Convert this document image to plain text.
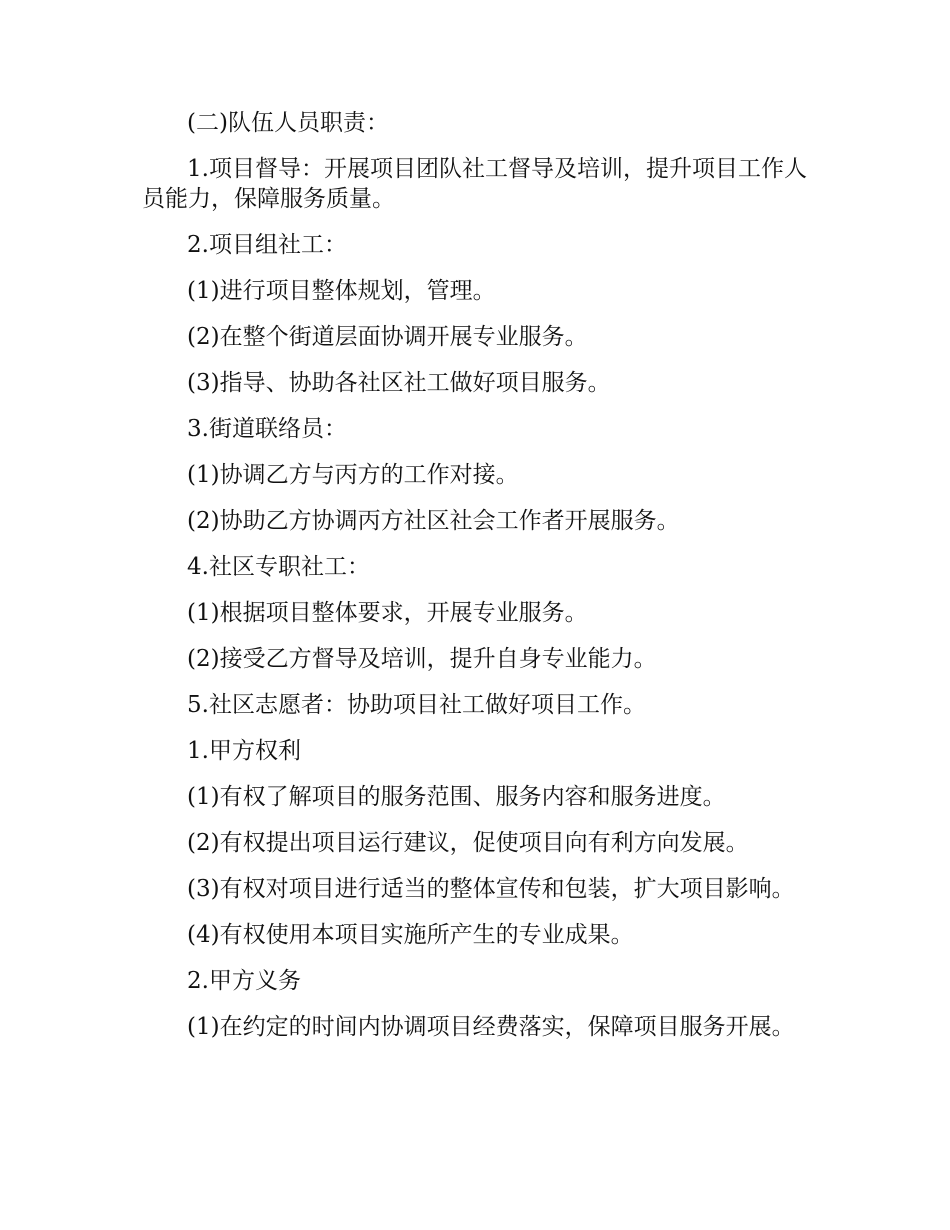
(二)队伍人员职责：

1.项目督导：开展项目团队社工督导及培训，提升项目工作人员能力，保障服务质量。

2.项目组社工：

(1)进行项目整体规划，管理。

(2)在整个街道层面协调开展专业服务。

(3)指导、协助各社区社工做好项目服务。

3.街道联络员：

(1)协调乙方与丙方的工作对接。

(2)协助乙方协调丙方社区社会工作者开展服务。

4.社区专职社工：

(1)根据项目整体要求，开展专业服务。

(2)接受乙方督导及培训，提升自身专业能力。

5.社区志愿者：协助项目社工做好项目工作。

1.甲方权利

(1)有权了解项目的服务范围、服务内容和服务进度。

(2)有权提出项目运行建议，促使项目向有利方向发展。

(3)有权对项目进行适当的整体宣传和包装，扩大项目影响。

(4)有权使用本项目实施所产生的专业成果。

2.甲方义务

(1)在约定的时间内协调项目经费落实，保障项目服务开展。
